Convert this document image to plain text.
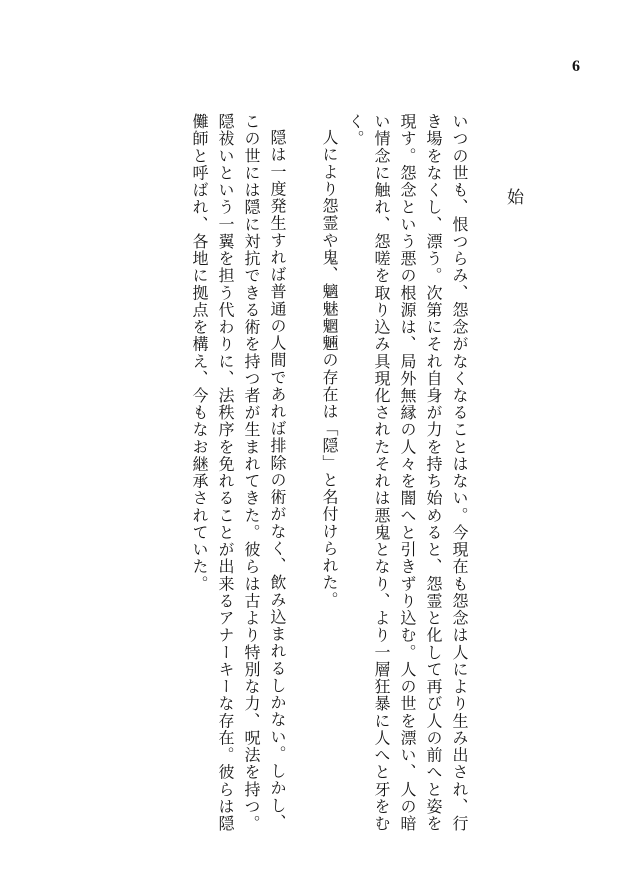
6
始

いつの世も、恨つらみ、怨念がなくなることはない。今現在も怨念は人により生み出され、行き場をなくし、漂う。次第にそれ自身が力を持ち始めると、怨霊と化して再び人の前へと姿を現す。怨念という悪の根源は、局外無縁の人々を闇へと引きずり込む。人の世を漂い、人の暗い情念に触れ、怨嗟を取り込み具現化されたそれは悪鬼となり、より一層狂暴に人へと牙をむく。

人により怨霊や鬼、魑魅魍魎の存在は「隠」と名付けられた。

隠は一度発生すれば普通の人間であれば排除の術がなく、飲み込まれるしかない。しかし、この世には隠に対抗できる術を持つ者が生まれてきた。彼らは古より特別な力、呪法を持つ。隠祓いという一翼を担う代わりに、法秩序を免れることが出来るアナーキーな存在。彼らは隠儺師と呼ばれ、各地に拠点を構え、今もなお継承されていた。
